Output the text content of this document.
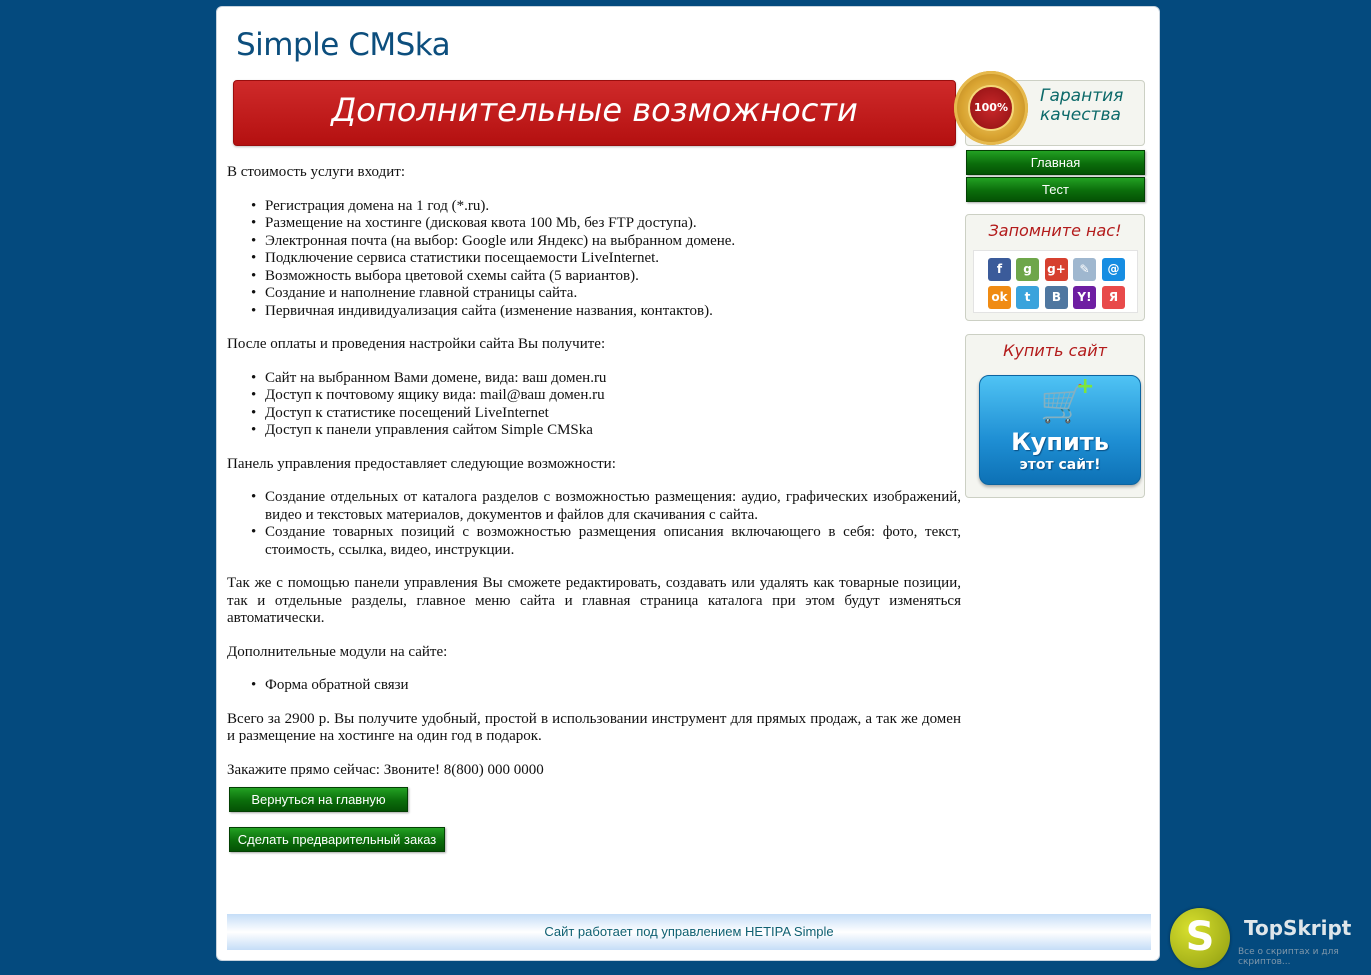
Simple CMSka
Дополнительные возможности

В стоимость услуги входит:

• Регистрация домена на 1 год (*.ru).
• Размещение на хостинге (дисковая квота 100 Mb, без FTP доступа).
• Электронная почта (на выбор: Google или Яндекс) на выбранном домене.
• Подключение сервиса статистики посещаемости LiveInternet.
• Возможность выбора цветовой схемы сайта (5 вариантов).
• Создание и наполнение главной страницы сайта.
• Первичная индивидуализация сайта (изменение названия, контактов).

После оплаты и проведения настройки сайта Вы получите:

• Сайт на выбранном Вами домене, вида: ваш домен.ru
• Доступ к почтовому ящику вида: mail@ваш домен.ru
• Доступ к статистике посещений LiveInternet
• Доступ к панели управления сайтом Simple CMSka

Панель управления предоставляет следующие возможности:

• Создание отдельных от каталога разделов с возможностью размещения: аудио, графических изображений, видео и текстовых материалов, документов и файлов для скачивания с сайта.
• Создание товарных позиций с возможностью размещения описания включающего в себя: фото, текст, стоимость, ссылка, видео, инструкции.

Так же с помощью панели управления Вы сможете редактировать, создавать или удалять как товарные позиции, так и отдельные разделы, главное меню сайта и главная страница каталога при этом будут изменяться автоматически.

Дополнительные модули на сайте:

• Форма обратной связи

Всего за 2900 р. Вы получите удобный, простой в использовании инструмент для прямых продаж, а так же домен и размещение на хостинге на один год в подарок.

Закажите прямо сейчас: Звоните! 8(800) 000 0000

Вернуться на главную
Сделать предварительный заказ
100%
Гарантия
качества
Главная
Тест
Запомните нас!
f	g	g+	✎	@
ok	t	B	Y!	Я
Купить сайт
🛒
+
Купить
этот сайт!
Сайт работает под управлением НЕТIPA Simple	S	TopSkript
Все о скриптах и для скриптов...
